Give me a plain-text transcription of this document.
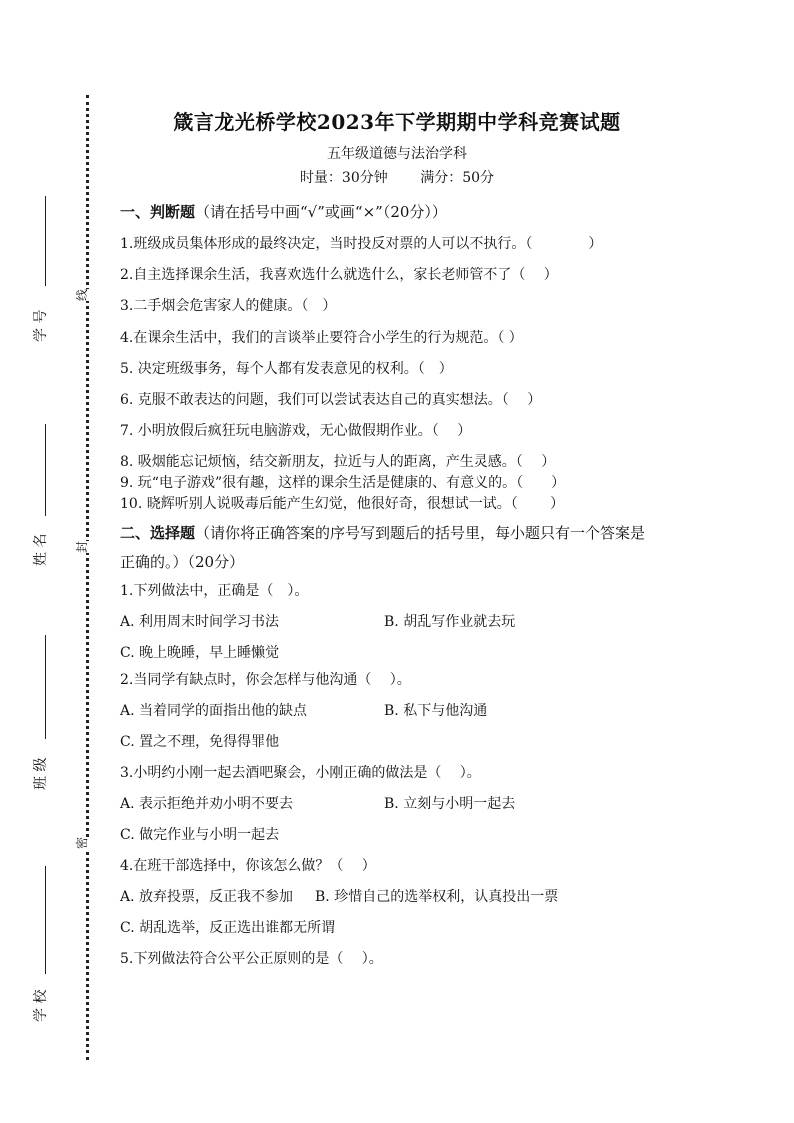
线
封
密
学 号
姓 名
班 级
学 校
箴言龙光桥学校2023年下学期期中学科竞赛试题
五年级道德与法治学科
时量：30分钟 满分：50分
一、判断题（请在括号中画“√”或画“×”（20分））
1.班级成员集体形成的最终决定，当时投反对票的人可以不执行。（　　　　）
2.自主选择课余生活，我喜欢选什么就选什么，家长老师管不了（　 ）
3.二手烟会危害家人的健康。（　）
4.在课余生活中，我们的言谈举止要符合小学生的行为规范。（ ）
5. 决定班级事务，每个人都有发表意见的权利。（　）
6. 克服不敢表达的问题，我们可以尝试表达自己的真实想法。（　 ）
7. 小明放假后疯狂玩电脑游戏，无心做假期作业。（　 ）
8. 吸烟能忘记烦恼，结交新朋友，拉近与人的距离，产生灵感。（　 ）
9. 玩“电子游戏”很有趣，这样的课余生活是健康的、有意义的。（　　）
10. 晓辉听别人说吸毒后能产生幻觉，他很好奇，很想试一试。（　　 ）
二、选择题（请你将正确答案的序号写到题后的括号里，每小题只有一个答案是
正确的。）（20分）
1.下列做法中，正确是（　）。
A. 利用周末时间学习书法	B. 胡乱写作业就去玩
C. 晚上晚睡，早上睡懒觉
2.当同学有缺点时，你会怎样与他沟通（　 ）。
A. 当着同学的面指出他的缺点	B. 私下与他沟通
C. 置之不理，免得得罪他
3.小明约小刚一起去酒吧聚会，小刚正确的做法是（　 ）。
A. 表示拒绝并劝小明不要去	B. 立刻与小明一起去
C. 做完作业与小明一起去
4.在班干部选择中，你该怎么做？（　 ）
A. 放弃投票，反正我不参加 B. 珍惜自己的选举权利，认真投出一票
C. 胡乱选举，反正选出谁都无所谓
5.下列做法符合公平公正原则的是（　 ）。
